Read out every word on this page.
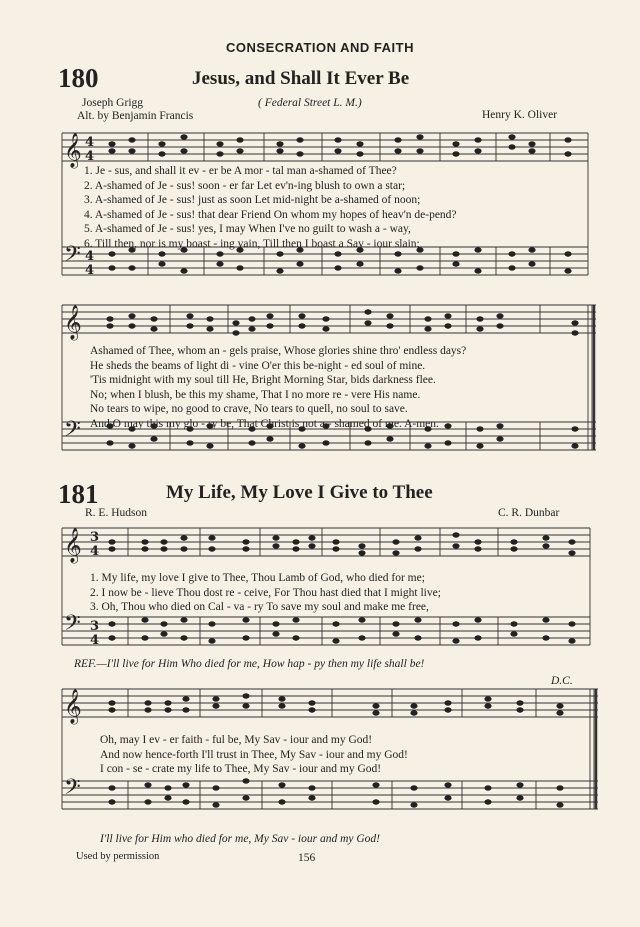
CONSECRATION AND FAITH
180	Jesus, and Shall It Ever Be
Joseph Grigg
Alt. by Benjamin Francis
( Federal Street L. M.)
Henry K. Oliver
𝄞
𝄢
𝄞
𝄢
4
4
4
4
1. Je - sus, and shall it ev - er be A mor - tal man a-shamed of Thee?
2. A-shamed of Je - sus! soon - er far Let ev'n-ing blush to own a star;
3. A-shamed of Je - sus! just as soon Let mid-night be a-shamed of noon;
4. A-shamed of Je - sus! that dear Friend On whom my hopes of heav'n de-pend?
5. A-shamed of Je - sus! yes, I may When I've no guilt to wash a - way,
6. Till then, nor is my boast - ing vain, Till then I boast a Sav - iour slain;
Ashamed of Thee, whom an - gels praise, Whose glories shine thro' endless days?
He sheds the beams of light di - vine O'er this be-night - ed soul of mine.
'Tis midnight with my soul till He, Bright Morning Star, bids darkness flee.
No; when I blush, be this my shame, That I no more re - vere His name.
No tears to wipe, no good to crave, No tears to quell, no soul to save.
And O may this my glo - ry be, That Christ is not a - shamed of me. A-men.
181	My Life, My Love I Give to Thee
R. E. Hudson	C. R. Dunbar
𝄞
𝄢
𝄞
𝄢
3
4
3
4
1. My life, my love I give to Thee, Thou Lamb of God, who died for me;
2. I now be - lieve Thou dost re - ceive, For Thou hast died that I might live;
3. Oh, Thou who died on Cal - va - ry To save my soul and make me free,
REF.—I'll live for Him Who died for me, How hap - py then my life shall be!
D.C.
Oh, may I ev - er faith - ful be, My Sav - iour and my God!
And now hence-forth I'll trust in Thee, My Sav - iour and my God!
I con - se - crate my life to Thee, My Sav - iour and my God!
I'll live for Him who died for me, My Sav - iour and my God!
Used by permission	156
